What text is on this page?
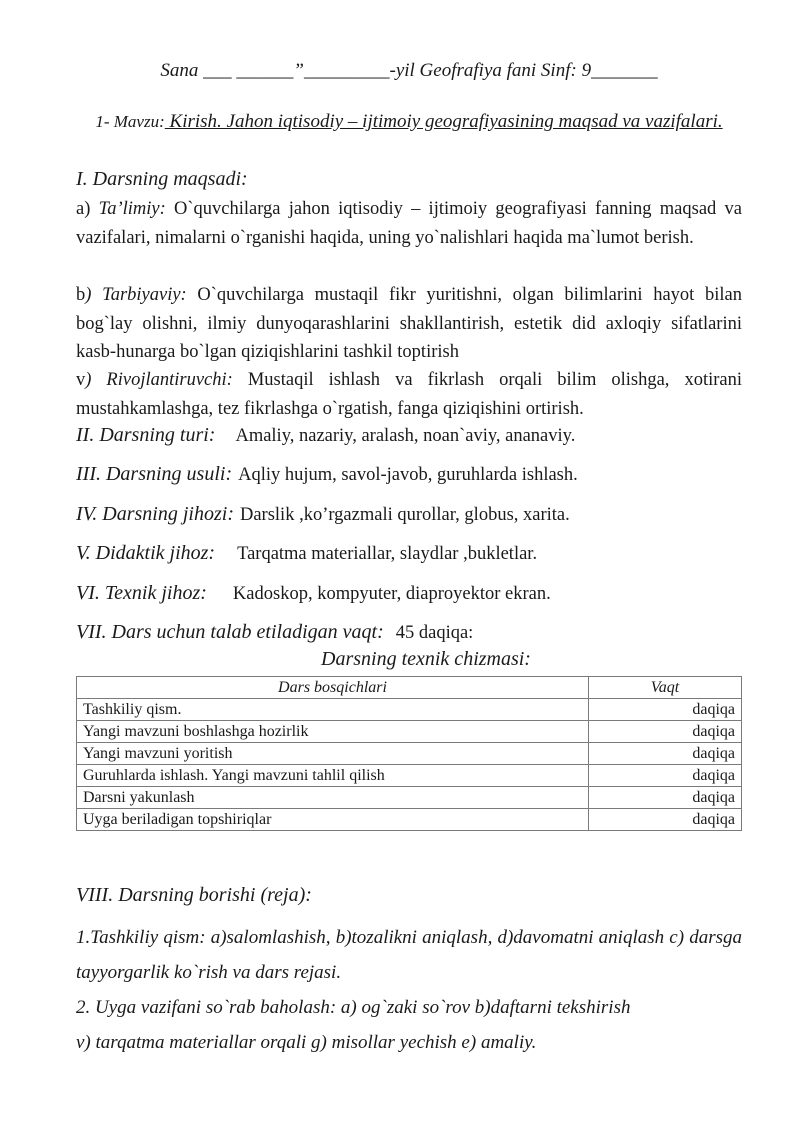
Sana ___ ______”_________-yil Geofrafiya fani Sinf: 9_______
1- Mavzu: Kirish. Jahon iqtisodiy – ijtimoiy geografiyasining maqsad va vazifalari.
I. Darsning maqsadi:
a) Ta’limiy: O`quvchilarga jahon iqtisodiy – ijtimoiy geografiyasi fanning maqsad va vazifalari, nimalarni o`rganishi haqida, uning yo`nalishlari haqida ma`lumot berish.
b) Tarbiyaviy: O`quvchilarga mustaqil fikr yuritishni, olgan bilimlarini hayot bilan bog`lay olishni, ilmiy dunyoqarashlarini shakllantirish, estetik did axloqiy sifatlarini kasb-hunarga bo`lgan qiziqishlarini tashkil toptirish
v) Rivojlantiruvchi: Mustaqil ishlash va fikrlash orqali bilim olishga, xotirani mustahkamlashga, tez fikrlashga o`rgatish, fanga qiziqishini ortirish.
II. Darsning turi: Amaliy, nazariy, aralash, noan`aviy, ananaviy.
III. Darsning usuli: Aqliy hujum, savol-javob, guruhlarda ishlash.
IV. Darsning jihozi: Darslik ,ko’rgazmali qurollar, globus, xarita.
V. Didaktik jihoz: Tarqatma materiallar, slaydlar ,bukletlar.
VI. Texnik jihoz: Kadoskop, kompyuter, diaproyektor ekran.
VII. Dars uchun talab etiladigan vaqt: 45 daqiqa:
Darsning texnik chizmasi:
Dars bosqichlari	Vaqt
Tashkiliy qism.	daqiqa
Yangi mavzuni boshlashga hozirlik	daqiqa
Yangi mavzuni yoritish	daqiqa
Guruhlarda ishlash. Yangi mavzuni tahlil qilish	daqiqa
Darsni yakunlash	daqiqa
Uyga beriladigan topshiriqlar	daqiqa
VIII. Darsning borishi (reja):
1.Tashkiliy qism: a)salomlashish, b)tozalikni aniqlash, d)davomatni aniqlash c) darsga tayyorgarlik ko`rish va dars rejasi.
2. Uyga vazifani so`rab baholash: a) og`zaki so`rov b)daftarni tekshirish
v) tarqatma materiallar orqali g) misollar yechish e) amaliy.
